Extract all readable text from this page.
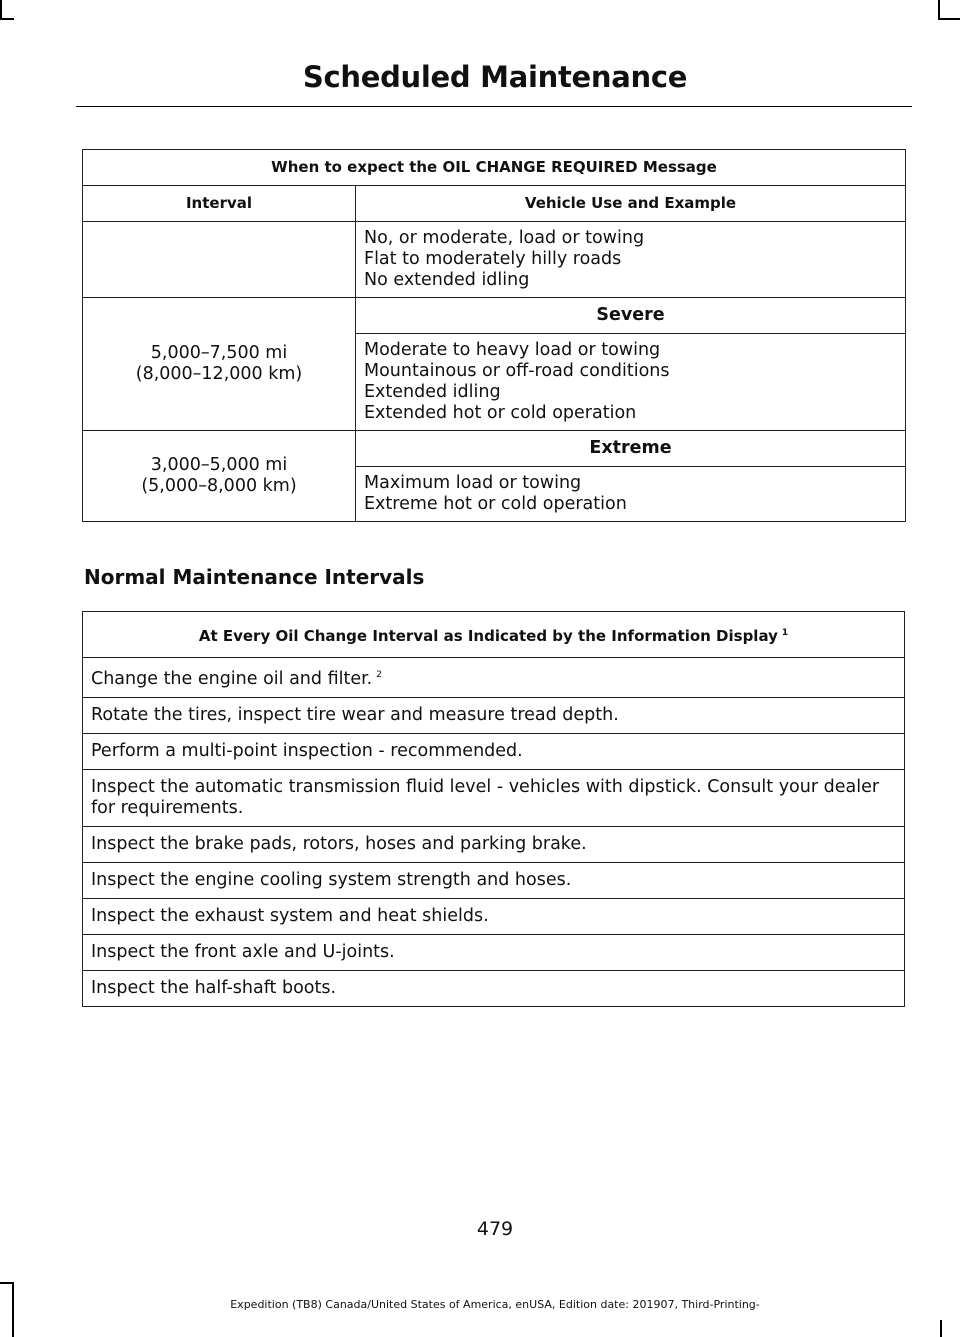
Scheduled Maintenance
When to expect the OIL CHANGE REQUIRED Message	
Interval	Vehicle Use and Example

	No, or moderate, load or towing
Flat to moderately hilly roads
No extended idling

5,000–7,500 mi
(8,000–12,000 km)	Severe

	Moderate to heavy load or towing
Mountainous or off-road conditions
Extended idling
Extended hot or cold operation

3,000–5,000 mi
(5,000–8,000 km)	Extreme

	Maximum load or towing
Extreme hot or cold operation
Normal Maintenance Intervals
At Every Oil Change Interval as Indicated by the Information Display $^1$
Change the engine oil and filter. $^2$
Rotate the tires, inspect tire wear and measure tread depth.
Perform a multi-point inspection - recommended.
Inspect the automatic transmission fluid level - vehicles with dipstick. Consult your dealer for requirements.
Inspect the brake pads, rotors, hoses and parking brake.
Inspect the engine cooling system strength and hoses.
Inspect the exhaust system and heat shields.
Inspect the front axle and U-joints.
Inspect the half-shaft boots.
479
Expedition (TB8) Canada/United States of America, enUSA, Edition date: 201907, Third-Printing-
